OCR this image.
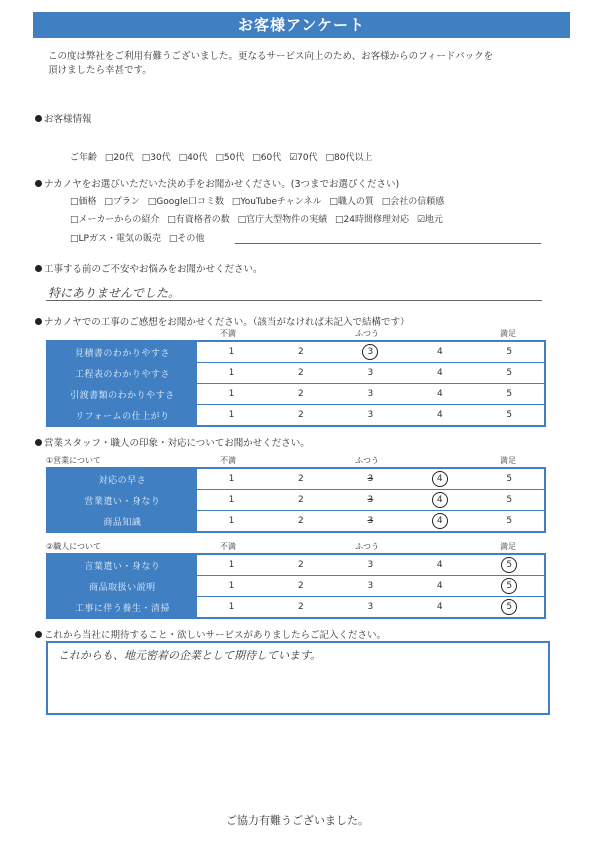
お客様アンケート
この度は弊社をご利用有難うございました。更なるサービス向上のため、お客様からのフィードバックを
頂けましたら幸甚です。
お客様情報
ご年齢 □20代 □30代 □40代 □50代 □60代 ☑70代 □80代以上
ナカノヤをお選びいただいた決め手をお聞かせください。(3つまでお選びください)
□価格 □プラン □Google口コミ数 □YouTubeチャンネル □職人の質 □会社の信頼感
□メーカーからの紹介 □有資格者の数 □官庁大型物件の実績 □24時間修理対応 ☑地元
□LPガス・電気の販売 □その他
工事する前のご不安やお悩みをお聞かせください。
特にありませんでした。
ナカノヤでの工事のご感想をお聞かせください。（該当がなければ未記入で結構です）
不満	ふつう	満足
見積書のわかりやすさ	1	2	3	4	5
工程表のわかりやすさ	1	2	3	4	5
引渡書類のわかりやすさ	1	2	3	4	5
リフォームの仕上がり	1	2	3	4	5
営業スタッフ・職人の印象・対応についてお聞かせください。
①営業について	不満	ふつう	満足
対応の早さ	1	2	3	4	5
営業遣い・身なり	1	2	3	4	5
商品知識	1	2	3	4	5
②職人について	不満	ふつう	満足
言葉遣い・身なり	1	2	3	4	5
商品取扱い説明	1	2	3	4	5
工事に伴う養生・清掃	1	2	3	4	5
これから当社に期待すること・欲しいサービスがありましたらご記入ください。
これからも、地元密着の企業として期待しています。
ご協力有難うございました。
